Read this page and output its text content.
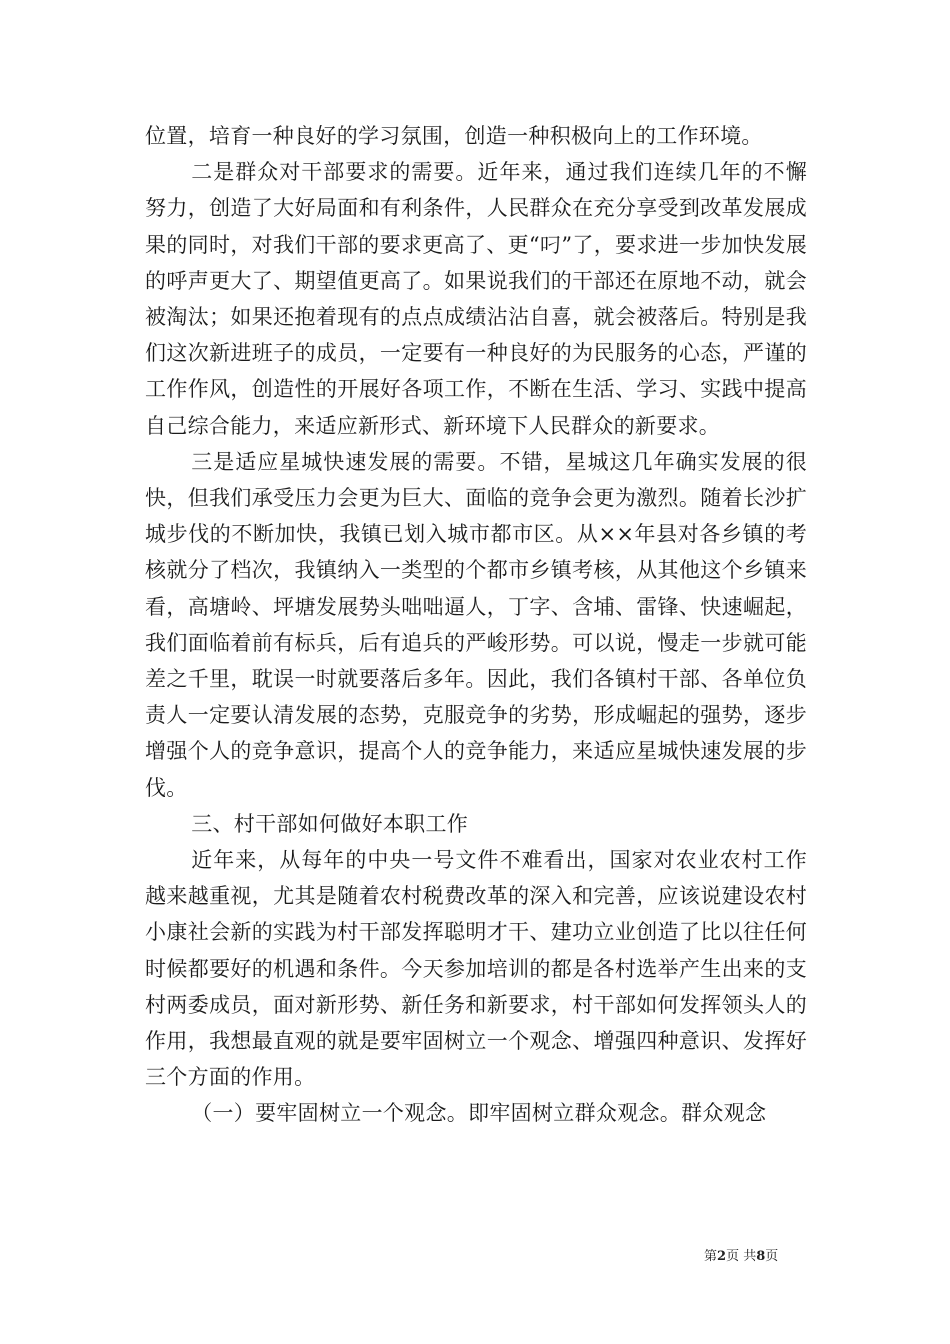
位置，培育一种良好的学习氛围，创造一种积极向上的工作环境。

二是群众对干部要求的需要。近年来，通过我们连续几年的不懈努力，创造了大好局面和有利条件，人民群众在充分享受到改革发展成果的同时，对我们干部的要求更高了、更“叼”了，要求进一步加快发展的呼声更大了、期望值更高了。如果说我们的干部还在原地不动，就会被淘汰；如果还抱着现有的点点成绩沾沾自喜，就会被落后。特别是我们这次新进班子的成员，一定要有一种良好的为民服务的心态，严谨的工作作风，创造性的开展好各项工作，不断在生活、学习、实践中提高自己综合能力，来适应新形式、新环境下人民群众的新要求。

三是适应星城快速发展的需要。不错，星城这几年确实发展的很快，但我们承受压力会更为巨大、面临的竞争会更为激烈。随着长沙扩城步伐的不断加快，我镇已划入城市都市区。从××年县对各乡镇的考核就分了档次，我镇纳入一类型的个都市乡镇考核，从其他这个乡镇来看，高塘岭、坪塘发展势头咄咄逼人，丁字、含埔、雷锋、快速崛起，我们面临着前有标兵，后有追兵的严峻形势。可以说，慢走一步就可能差之千里，耽误一时就要落后多年。因此，我们各镇村干部、各单位负责人一定要认清发展的态势，克服竞争的劣势，形成崛起的强势，逐步增强个人的竞争意识，提高个人的竞争能力，来适应星城快速发展的步伐。

三、村干部如何做好本职工作

近年来，从每年的中央一号文件不难看出，国家对农业农村工作越来越重视，尤其是随着农村税费改革的深入和完善，应该说建设农村小康社会新的实践为村干部发挥聪明才干、建功立业创造了比以往任何时候都要好的机遇和条件。今天参加培训的都是各村选举产生出来的支村两委成员，面对新形势、新任务和新要求，村干部如何发挥领头人的作用，我想最直观的就是要牢固树立一个观念、增强四种意识、发挥好三个方面的作用。

（一）要牢固树立一个观念。即牢固树立群众观念。群众观念

第2页 共8页
